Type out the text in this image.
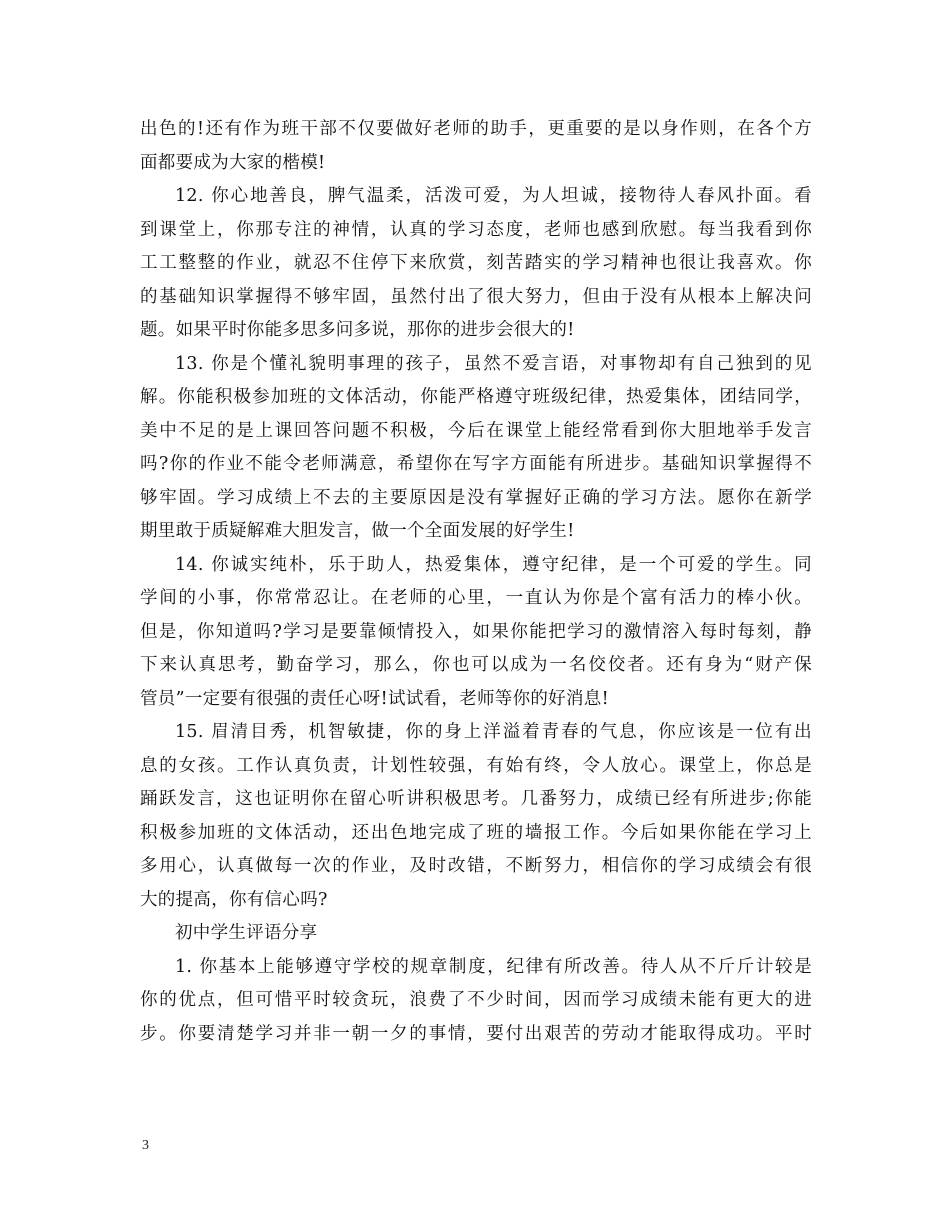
出色的!还有作为班干部不仅要做好老师的助手，更重要的是以身作则，在各个方
面都要成为大家的楷模!
12. 你心地善良，脾气温柔，活泼可爱，为人坦诚，接物待人春风扑面。看
到课堂上，你那专注的神情，认真的学习态度，老师也感到欣慰。每当我看到你
工工整整的作业，就忍不住停下来欣赏，刻苦踏实的学习精神也很让我喜欢。你
的基础知识掌握得不够牢固，虽然付出了很大努力，但由于没有从根本上解决问
题。如果平时你能多思多问多说，那你的进步会很大的!
13. 你是个懂礼貌明事理的孩子，虽然不爱言语，对事物却有自己独到的见
解。你能积极参加班的文体活动，你能严格遵守班级纪律，热爱集体，团结同学，
美中不足的是上课回答问题不积极，今后在课堂上能经常看到你大胆地举手发言
吗?你的作业不能令老师满意，希望你在写字方面能有所进步。基础知识掌握得不
够牢固。学习成绩上不去的主要原因是没有掌握好正确的学习方法。愿你在新学
期里敢于质疑解难大胆发言，做一个全面发展的好学生!
14. 你诚实纯朴，乐于助人，热爱集体，遵守纪律，是一个可爱的学生。同
学间的小事，你常常忍让。在老师的心里，一直认为你是个富有活力的棒小伙。
但是，你知道吗?学习是要靠倾情投入，如果你能把学习的激情溶入每时每刻，静
下来认真思考，勤奋学习，那么，你也可以成为一名佼佼者。还有身为“财产保
管员”一定要有很强的责任心呀!试试看，老师等你的好消息!
15. 眉清目秀，机智敏捷，你的身上洋溢着青春的气息，你应该是一位有出
息的女孩。工作认真负责，计划性较强，有始有终，令人放心。课堂上，你总是
踊跃发言，这也证明你在留心听讲积极思考。几番努力，成绩已经有所进步;你能
积极参加班的文体活动，还出色地完成了班的墙报工作。今后如果你能在学习上
多用心，认真做每一次的作业，及时改错，不断努力，相信你的学习成绩会有很
大的提高，你有信心吗?
初中学生评语分享
1. 你基本上能够遵守学校的规章制度，纪律有所改善。待人从不斤斤计较是
你的优点，但可惜平时较贪玩，浪费了不少时间，因而学习成绩未能有更大的进
步。你要清楚学习并非一朝一夕的事情，要付出艰苦的劳动才能取得成功。平时
3
